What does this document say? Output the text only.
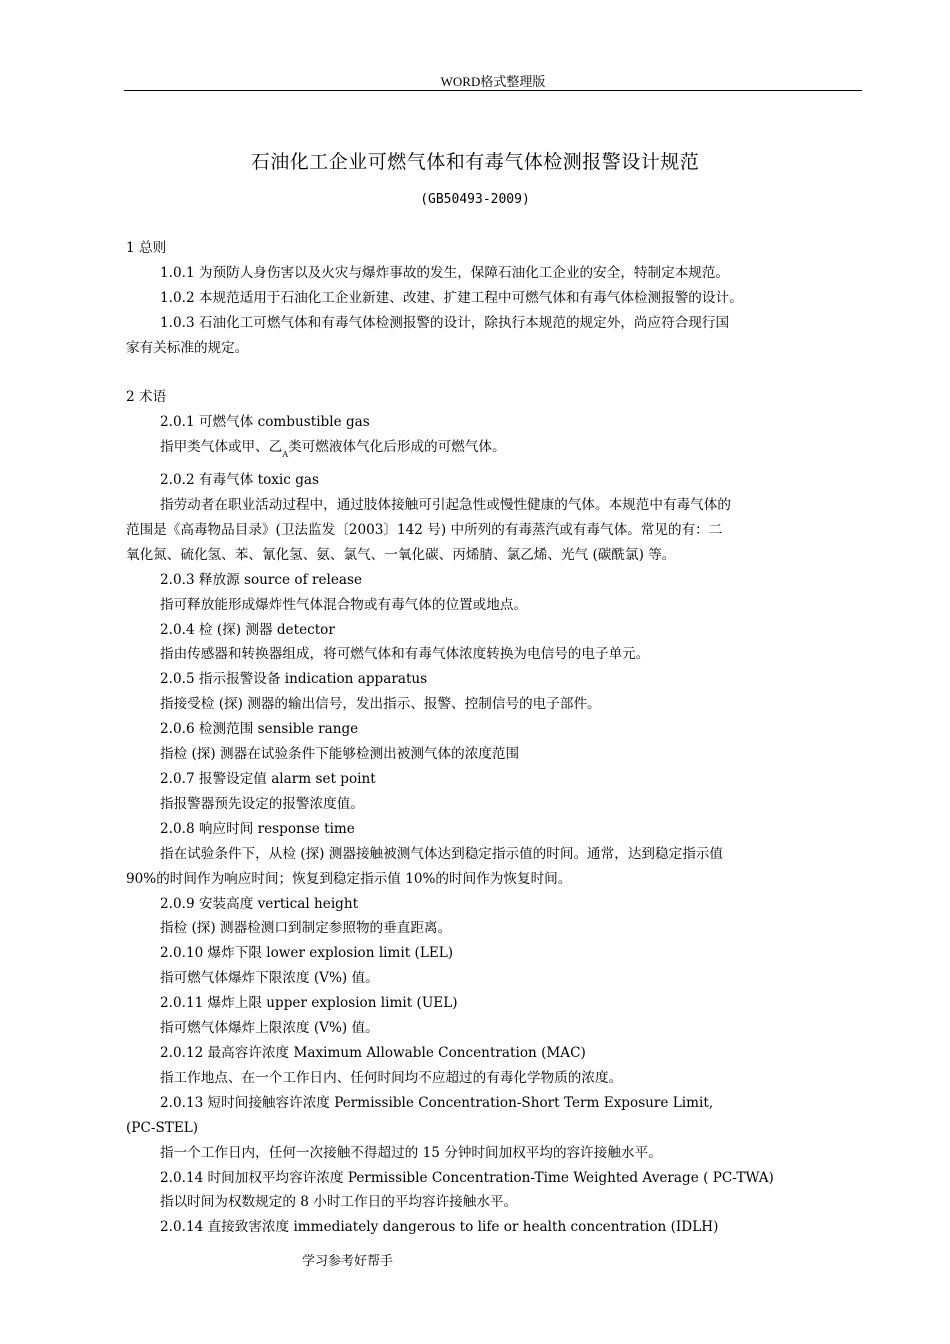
WORD格式整理版
石油化工企业可燃气体和有毒气体检测报警设计规范
(GB50493-2009)
1 总则
1.0.1 为预防人身伤害以及火灾与爆炸事故的发生，保障石油化工企业的安全，特制定本规范。
1.0.2 本规范适用于石油化工企业新建、改建、扩建工程中可燃气体和有毒气体检测报警的设计。
1.0.3 石油化工可燃气体和有毒气体检测报警的设计，除执行本规范的规定外，尚应符合现行国
家有关标准的规定。
2 术语
2.0.1 可燃气体 combustible gas
指甲类气体或甲、乙$_A$类可燃液体气化后形成的可燃气体。
2.0.2 有毒气体 toxic gas
指劳动者在职业活动过程中，通过肢体接触可引起急性或慢性健康的气体。本规范中有毒气体的
范围是《高毒物品目录》(卫法监发〔2003〕142 号) 中所列的有毒蒸汽或有毒气体。常见的有：二
氧化氮、硫化氢、苯、氰化氢、氨、氯气、一氧化碳、丙烯腈、氯乙烯、光气 (碳酰氯) 等。
2.0.3 释放源 source of release
指可释放能形成爆炸性气体混合物或有毒气体的位置或地点。
2.0.4 检 (探) 测器 detector
指由传感器和转换器组成，将可燃气体和有毒气体浓度转换为电信号的电子单元。
2.0.5 指示报警设备 indication apparatus
指接受检 (探) 测器的输出信号，发出指示、报警、控制信号的电子部件。
2.0.6 检测范围 sensible range
指检 (探) 测器在试验条件下能够检测出被测气体的浓度范围
2.0.7 报警设定值 alarm set point
指报警器预先设定的报警浓度值。
2.0.8 响应时间 response time
指在试验条件下，从检 (探) 测器接触被测气体达到稳定指示值的时间。通常，达到稳定指示值
90%的时间作为响应时间；恢复到稳定指示值 10%的时间作为恢复时间。
2.0.9 安装高度 vertical height
指检 (探) 测器检测口到制定参照物的垂直距离。
2.0.10 爆炸下限 lower explosion limit (LEL)
指可燃气体爆炸下限浓度 (V%) 值。
2.0.11 爆炸上限 upper explosion limit (UEL)
指可燃气体爆炸上限浓度 (V%) 值。
2.0.12 最高容许浓度 Maximum Allowable Concentration (MAC)
指工作地点、在一个工作日内、任何时间均不应超过的有毒化学物质的浓度。
2.0.13 短时间接触容许浓度 Permissible Concentration-Short Term Exposure Limit,
(PC-STEL)
指一个工作日内，任何一次接触不得超过的 15 分钟时间加权平均的容许接触水平。
2.0.14 时间加权平均容许浓度 Permissible Concentration-Time Weighted Average ( PC-TWA)
指以时间为权数规定的 8 小时工作日的平均容许接触水平。
2.0.14 直接致害浓度 immediately dangerous to life or health concentration (IDLH)
学习参考好帮手
